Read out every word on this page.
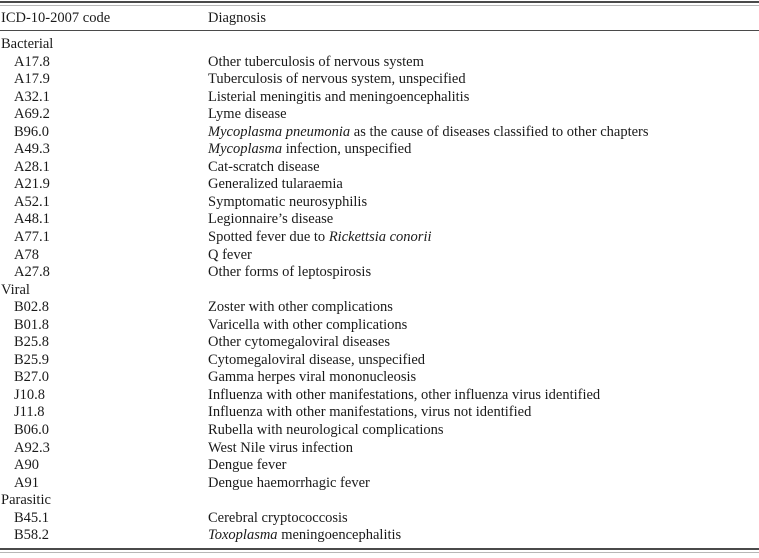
ICD-10-2007 code	Diagnosis
Bacterial
A17.8	Other tuberculosis of nervous system
A17.9	Tuberculosis of nervous system, unspecified
A32.1	Listerial meningitis and meningoencephalitis
A69.2	Lyme disease
B96.0	Mycoplasma pneumonia as the cause of diseases classified to other chapters
A49.3	Mycoplasma infection, unspecified
A28.1	Cat-scratch disease
A21.9	Generalized tularaemia
A52.1	Symptomatic neurosyphilis
A48.1	Legionnaire’s disease
A77.1	Spotted fever due to Rickettsia conorii
A78	Q fever
A27.8	Other forms of leptospirosis
Viral
B02.8	Zoster with other complications
B01.8	Varicella with other complications
B25.8	Other cytomegaloviral diseases
B25.9	Cytomegaloviral disease, unspecified
B27.0	Gamma herpes viral mononucleosis
J10.8	Influenza with other manifestations, other influenza virus identified
J11.8	Influenza with other manifestations, virus not identified
B06.0	Rubella with neurological complications
A92.3	West Nile virus infection
A90	Dengue fever
A91	Dengue haemorrhagic fever
Parasitic
B45.1	Cerebral cryptococcosis
B58.2	Toxoplasma meningoencephalitis
